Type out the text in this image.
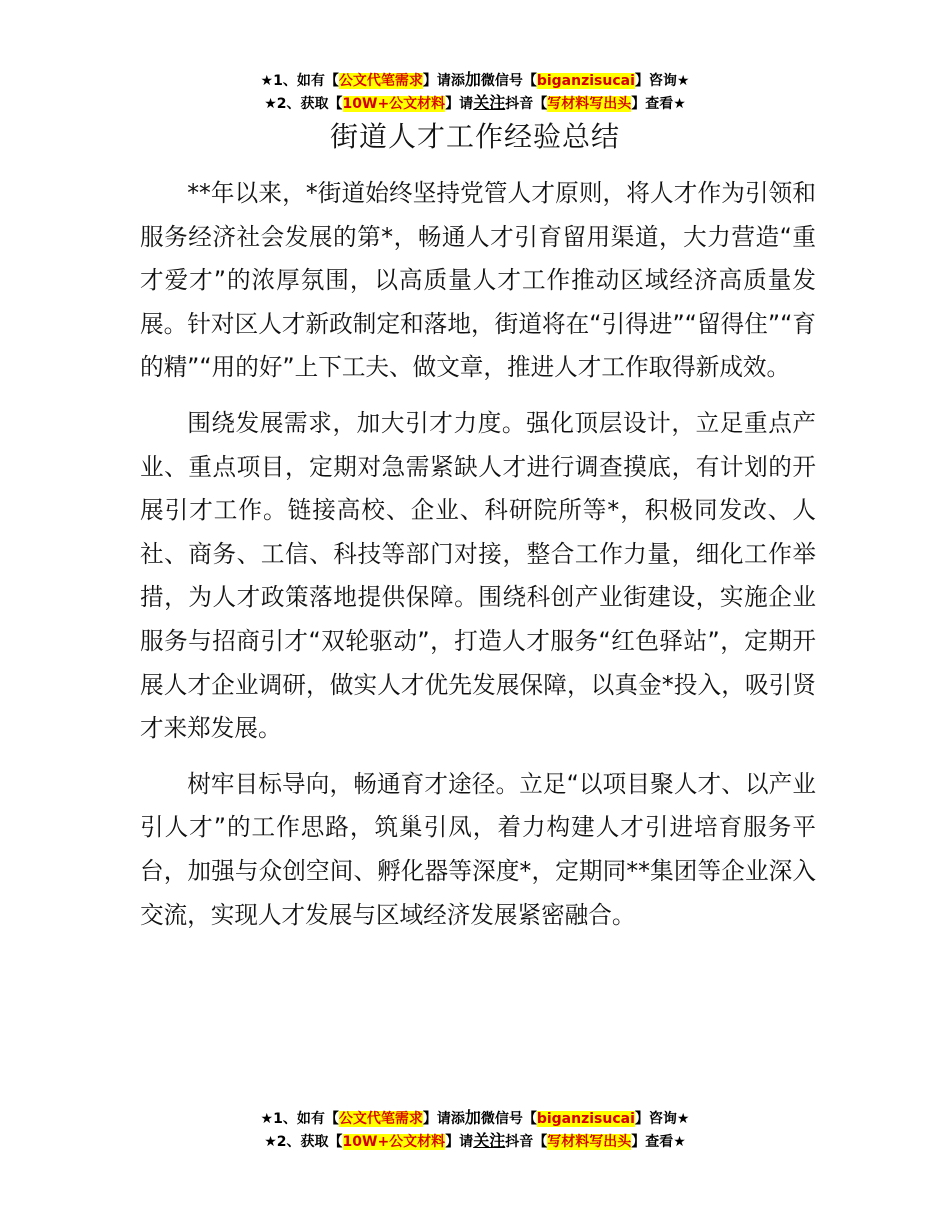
★1、如有【公文代笔需求】请添加微信号【biganzisucai】咨询★
★2、获取【10W+公文材料】请关注抖音【写材料写出头】查看★
街道人才工作经验总结

**年以来，*街道始终坚持党管人才原则，将人才作为引领和服务经济社会发展的第*，畅通人才引育留用渠道，大力营造“重才爱才”的浓厚氛围，以高质量人才工作推动区域经济高质量发展。针对区人才新政制定和落地，街道将在“引得进”“留得住”“育的精”“用的好”上下工夫、做文章，推进人才工作取得新成效。

围绕发展需求，加大引才力度。强化顶层设计，立足重点产业、重点项目，定期对急需紧缺人才进行调查摸底，有计划的开展引才工作。链接高校、企业、科研院所等*，积极同发改、人社、商务、工信、科技等部门对接，整合工作力量，细化工作举措，为人才政策落地提供保障。围绕科创产业街建设，实施企业服务与招商引才“双轮驱动”，打造人才服务“红色驿站”，定期开展人才企业调研，做实人才优先发展保障，以真金*投入，吸引贤才来郑发展。

树牢目标导向，畅通育才途径。立足“以项目聚人才、以产业引人才”的工作思路，筑巢引凤，着力构建人才引进培育服务平台，加强与众创空间、孵化器等深度*，定期同**集团等企业深入交流，实现人才发展与区域经济发展紧密融合。

★1、如有【公文代笔需求】请添加微信号【biganzisucai】咨询★
★2、获取【10W+公文材料】请关注抖音【写材料写出头】查看★
